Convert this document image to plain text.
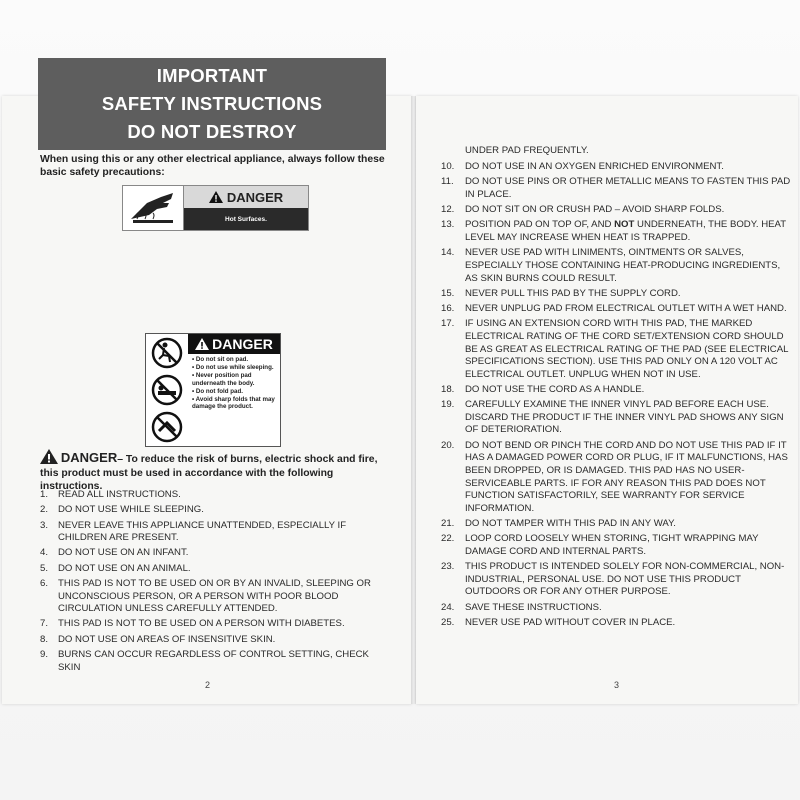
IMPORTANT
SAFETY INSTRUCTIONS
DO NOT DESTROY
When using this or any other electrical appliance, always follow these basic safety precautions:
DANGER
Hot Surfaces.
DANGER
• Do not sit on pad.
• Do not use while sleeping.
• Never position pad underneath the body.
• Do not fold pad.
• Avoid sharp folds that may damage the product.
DANGER– To reduce the risk of burns, electric shock and fire, this product must be used in accordance with the following instructions.
1. READ ALL INSTRUCTIONS.
2. DO NOT USE WHILE SLEEPING.
3. NEVER LEAVE THIS APPLIANCE UNATTENDED, ESPECIALLY IF CHILDREN ARE PRESENT.
4. DO NOT USE ON AN INFANT.
5. DO NOT USE ON AN ANIMAL.
6. THIS PAD IS NOT TO BE USED ON OR BY AN INVALID, SLEEPING OR UNCONSCIOUS PERSON, OR A PERSON WITH POOR BLOOD CIRCULATION UNLESS CAREFULLY ATTENDED.
7. THIS PAD IS NOT TO BE USED ON A PERSON WITH DIABETES.
8. DO NOT USE ON AREAS OF INSENSITIVE SKIN.
9. BURNS CAN OCCUR REGARDLESS OF CONTROL SETTING, CHECK SKIN
UNDER PAD FREQUENTLY.
10. DO NOT USE IN AN OXYGEN ENRICHED ENVIRONMENT.
11. DO NOT USE PINS OR OTHER METALLIC MEANS TO FASTEN THIS PAD IN PLACE.
12. DO NOT SIT ON OR CRUSH PAD – AVOID SHARP FOLDS.
13. POSITION PAD ON TOP OF, AND NOT UNDERNEATH, THE BODY. HEAT LEVEL MAY INCREASE WHEN HEAT IS TRAPPED.
14. NEVER USE PAD WITH LINIMENTS, OINTMENTS OR SALVES, ESPECIALLY THOSE CONTAINING HEAT-PRODUCING INGREDIENTS, AS SKIN BURNS COULD RESULT.
15. NEVER PULL THIS PAD BY THE SUPPLY CORD.
16. NEVER UNPLUG PAD FROM ELECTRICAL OUTLET WITH A WET HAND.
17. IF USING AN EXTENSION CORD WITH THIS PAD, THE MARKED ELECTRICAL RATING OF THE CORD SET/EXTENSION CORD SHOULD BE AS GREAT AS ELECTRICAL RATING OF THE PAD (SEE ELECTRICAL SPECIFICATIONS SECTION). USE THIS PAD ONLY ON A 120 VOLT AC ELECTRICAL OUTLET. UNPLUG WHEN NOT IN USE.
18. DO NOT USE THE CORD AS A HANDLE.
19. CAREFULLY EXAMINE THE INNER VINYL PAD BEFORE EACH USE. DISCARD THE PRODUCT IF THE INNER VINYL PAD SHOWS ANY SIGN OF DETERIORATION.
20. DO NOT BEND OR PINCH THE CORD AND DO NOT USE THIS PAD IF IT HAS A DAMAGED POWER CORD OR PLUG, IF IT MALFUNCTIONS, HAS BEEN DROPPED, OR IS DAMAGED. THIS PAD HAS NO USER-SERVICEABLE PARTS. IF FOR ANY REASON THIS PAD DOES NOT FUNCTION SATISFACTORILY, SEE WARRANTY FOR SERVICE INFORMATION.
21. DO NOT TAMPER WITH THIS PAD IN ANY WAY.
22. LOOP CORD LOOSELY WHEN STORING, TIGHT WRAPPING MAY DAMAGE CORD AND INTERNAL PARTS.
23. THIS PRODUCT IS INTENDED SOLELY FOR NON-COMMERCIAL, NON-INDUSTRIAL, PERSONAL USE. DO NOT USE THIS PRODUCT OUTDOORS OR FOR ANY OTHER PURPOSE.
24. SAVE THESE INSTRUCTIONS.
25. NEVER USE PAD WITHOUT COVER IN PLACE.
2	3
